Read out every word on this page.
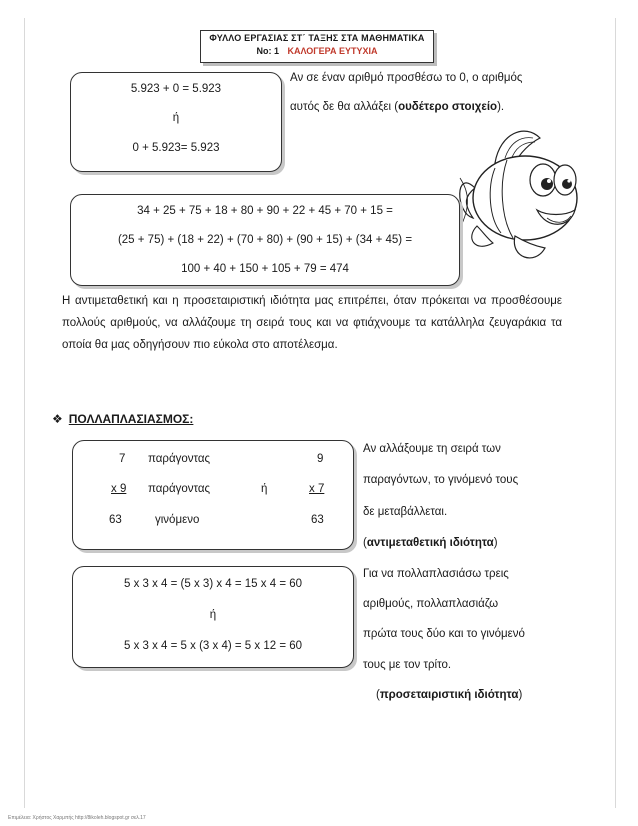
ΦΥΛΛΟ ΕΡΓΑΣΙΑΣ ΣΤ΄ ΤΑΞΗΣ ΣΤΑ ΜΑΘΗΜΑΤΙΚΑ
Νο: 1 ΚΑΛΟΓΕΡΑ ΕΥΤΥΧΙΑ
5.923 + 0 = 5.923
ή
0 + 5.923= 5.923
Αν σε έναν αριθμό προσθέσω το 0, ο αριθμός
αυτός δε θα αλλάξει (ουδέτερο στοιχείο).
34 + 25 + 75 + 18 + 80 + 90 + 22 + 45 + 70 + 15 =
(25 + 75) + (18 + 22) + (70 + 80) + (90 + 15) + (34 + 45) =
100 + 40 + 150 + 105 + 79 = 474
Η αντιμεταθετική και η προσεταιριστική ιδιότητα μας επιτρέπει, όταν πρόκειται να προσθέσουμε πολλούς αριθμούς, να αλλάζουμε τη σειρά τους και να φτιάχνουμε τα κατάλληλα ζευγαράκια τα οποία θα μας οδηγήσουν πιο εύκολα στο αποτέλεσμα.
❖ ΠΟΛΛΑΠΛΑΣΙΑΣΜΟΣ:
7 παράγοντας	9
x 9 παράγοντας	ή	x 7
63	γινόμενο	63
Αν αλλάξουμε τη σειρά των
παραγόντων, το γινόμενό τους
δε μεταβάλλεται.
(αντιμεταθετική ιδιότητα)
5 x 3 x 4 = (5 x 3) x 4 = 15 x 4 = 60
ή
5 x 3 x 4 = 5 x (3 x 4) = 5 x 12 = 60
Για να πολλαπλασιάσω τρεις
αριθμούς, πολλαπλασιάζω
πρώτα τους δύο και το γινόμενό
τους με τον τρίτο.
(προσεταιριστική ιδιότητα)
Επιμέλεια: Χρήστος Χαρμπής http://8ikoleh.blogspot.gr σελ.17
